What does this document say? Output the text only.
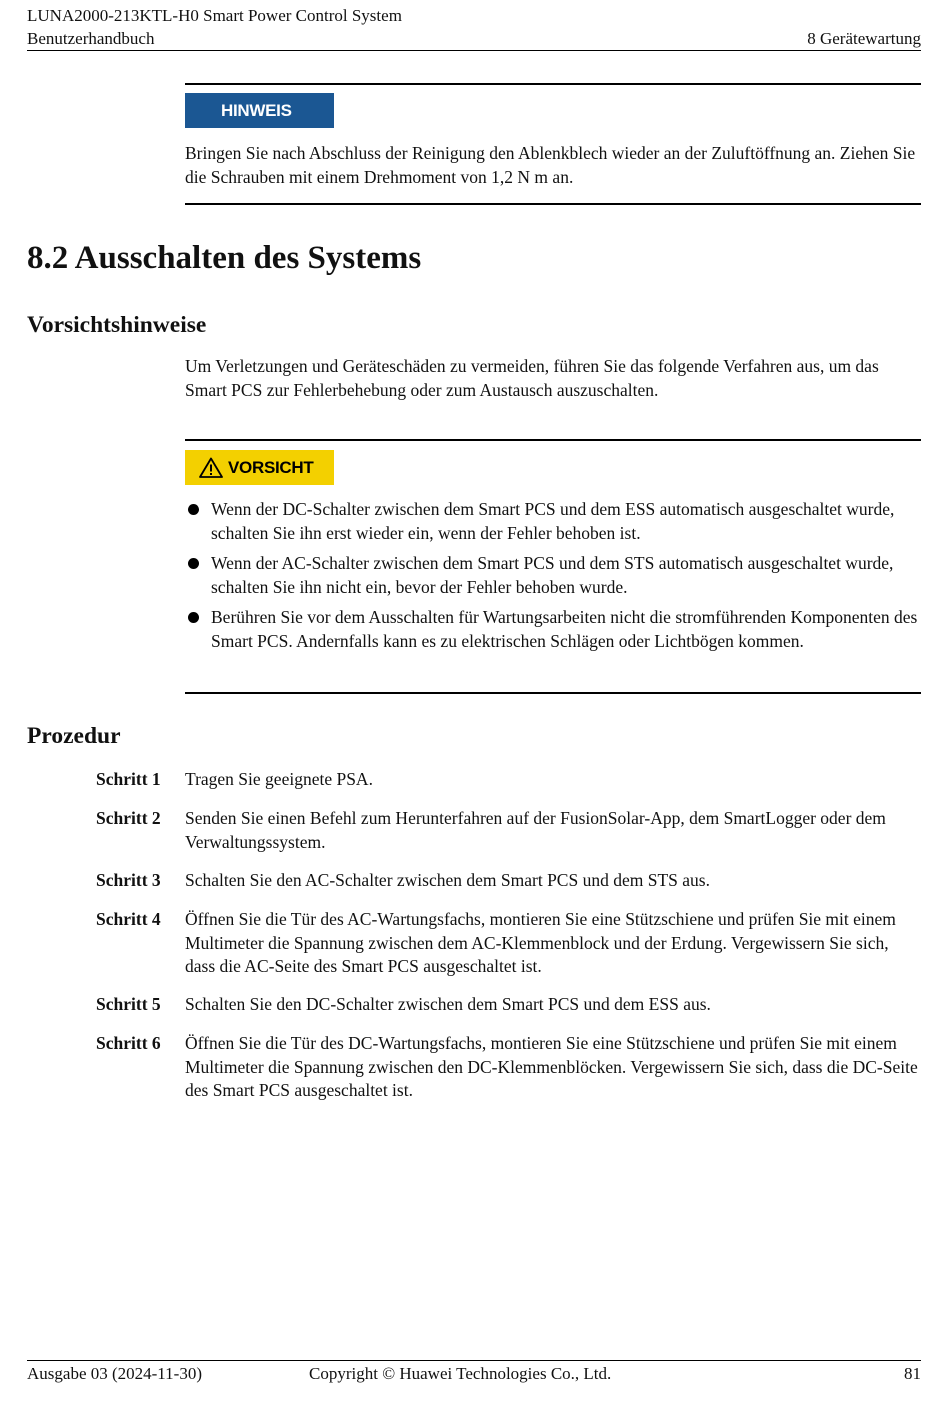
LUNA2000-213KTL-H0 Smart Power Control System
Benutzerhandbuch	8 Gerätewartung
HINWEIS
Bringen Sie nach Abschluss der Reinigung den Ablenkblech wieder an der Zuluftöffnung an. Ziehen Sie die Schrauben mit einem Drehmoment von 1,2 N m an.
8.2 Ausschalten des Systems
Vorsichtshinweise
Um Verletzungen und Geräteschäden zu vermeiden, führen Sie das folgende Verfahren aus, um das Smart PCS zur Fehlerbehebung oder zum Austausch auszuschalten.
VORSICHT
Wenn der DC-Schalter zwischen dem Smart PCS und dem ESS automatisch ausgeschaltet wurde, schalten Sie ihn erst wieder ein, wenn der Fehler behoben ist.
Wenn der AC-Schalter zwischen dem Smart PCS und dem STS automatisch ausgeschaltet wurde, schalten Sie ihn nicht ein, bevor der Fehler behoben wurde.
Berühren Sie vor dem Ausschalten für Wartungsarbeiten nicht die stromführenden Komponenten des Smart PCS. Andernfalls kann es zu elektrischen Schlägen oder Lichtbögen kommen.
Prozedur
Schritt 1 Tragen Sie geeignete PSA.
Schritt 2 Senden Sie einen Befehl zum Herunterfahren auf der FusionSolar-App, dem SmartLogger oder dem Verwaltungssystem.
Schritt 3 Schalten Sie den AC-Schalter zwischen dem Smart PCS und dem STS aus.
Schritt 4 Öffnen Sie die Tür des AC-Wartungsfachs, montieren Sie eine Stützschiene und prüfen Sie mit einem Multimeter die Spannung zwischen dem AC-Klemmenblock und der Erdung. Vergewissern Sie sich, dass die AC-Seite des Smart PCS ausgeschaltet ist.
Schritt 5 Schalten Sie den DC-Schalter zwischen dem Smart PCS und dem ESS aus.
Schritt 6 Öffnen Sie die Tür des DC-Wartungsfachs, montieren Sie eine Stützschiene und prüfen Sie mit einem Multimeter die Spannung zwischen den DC-Klemmenblöcken. Vergewissern Sie sich, dass die DC-Seite des Smart PCS ausgeschaltet ist.
Ausgabe 03 (2024-11-30)	Copyright © Huawei Technologies Co., Ltd.	81
